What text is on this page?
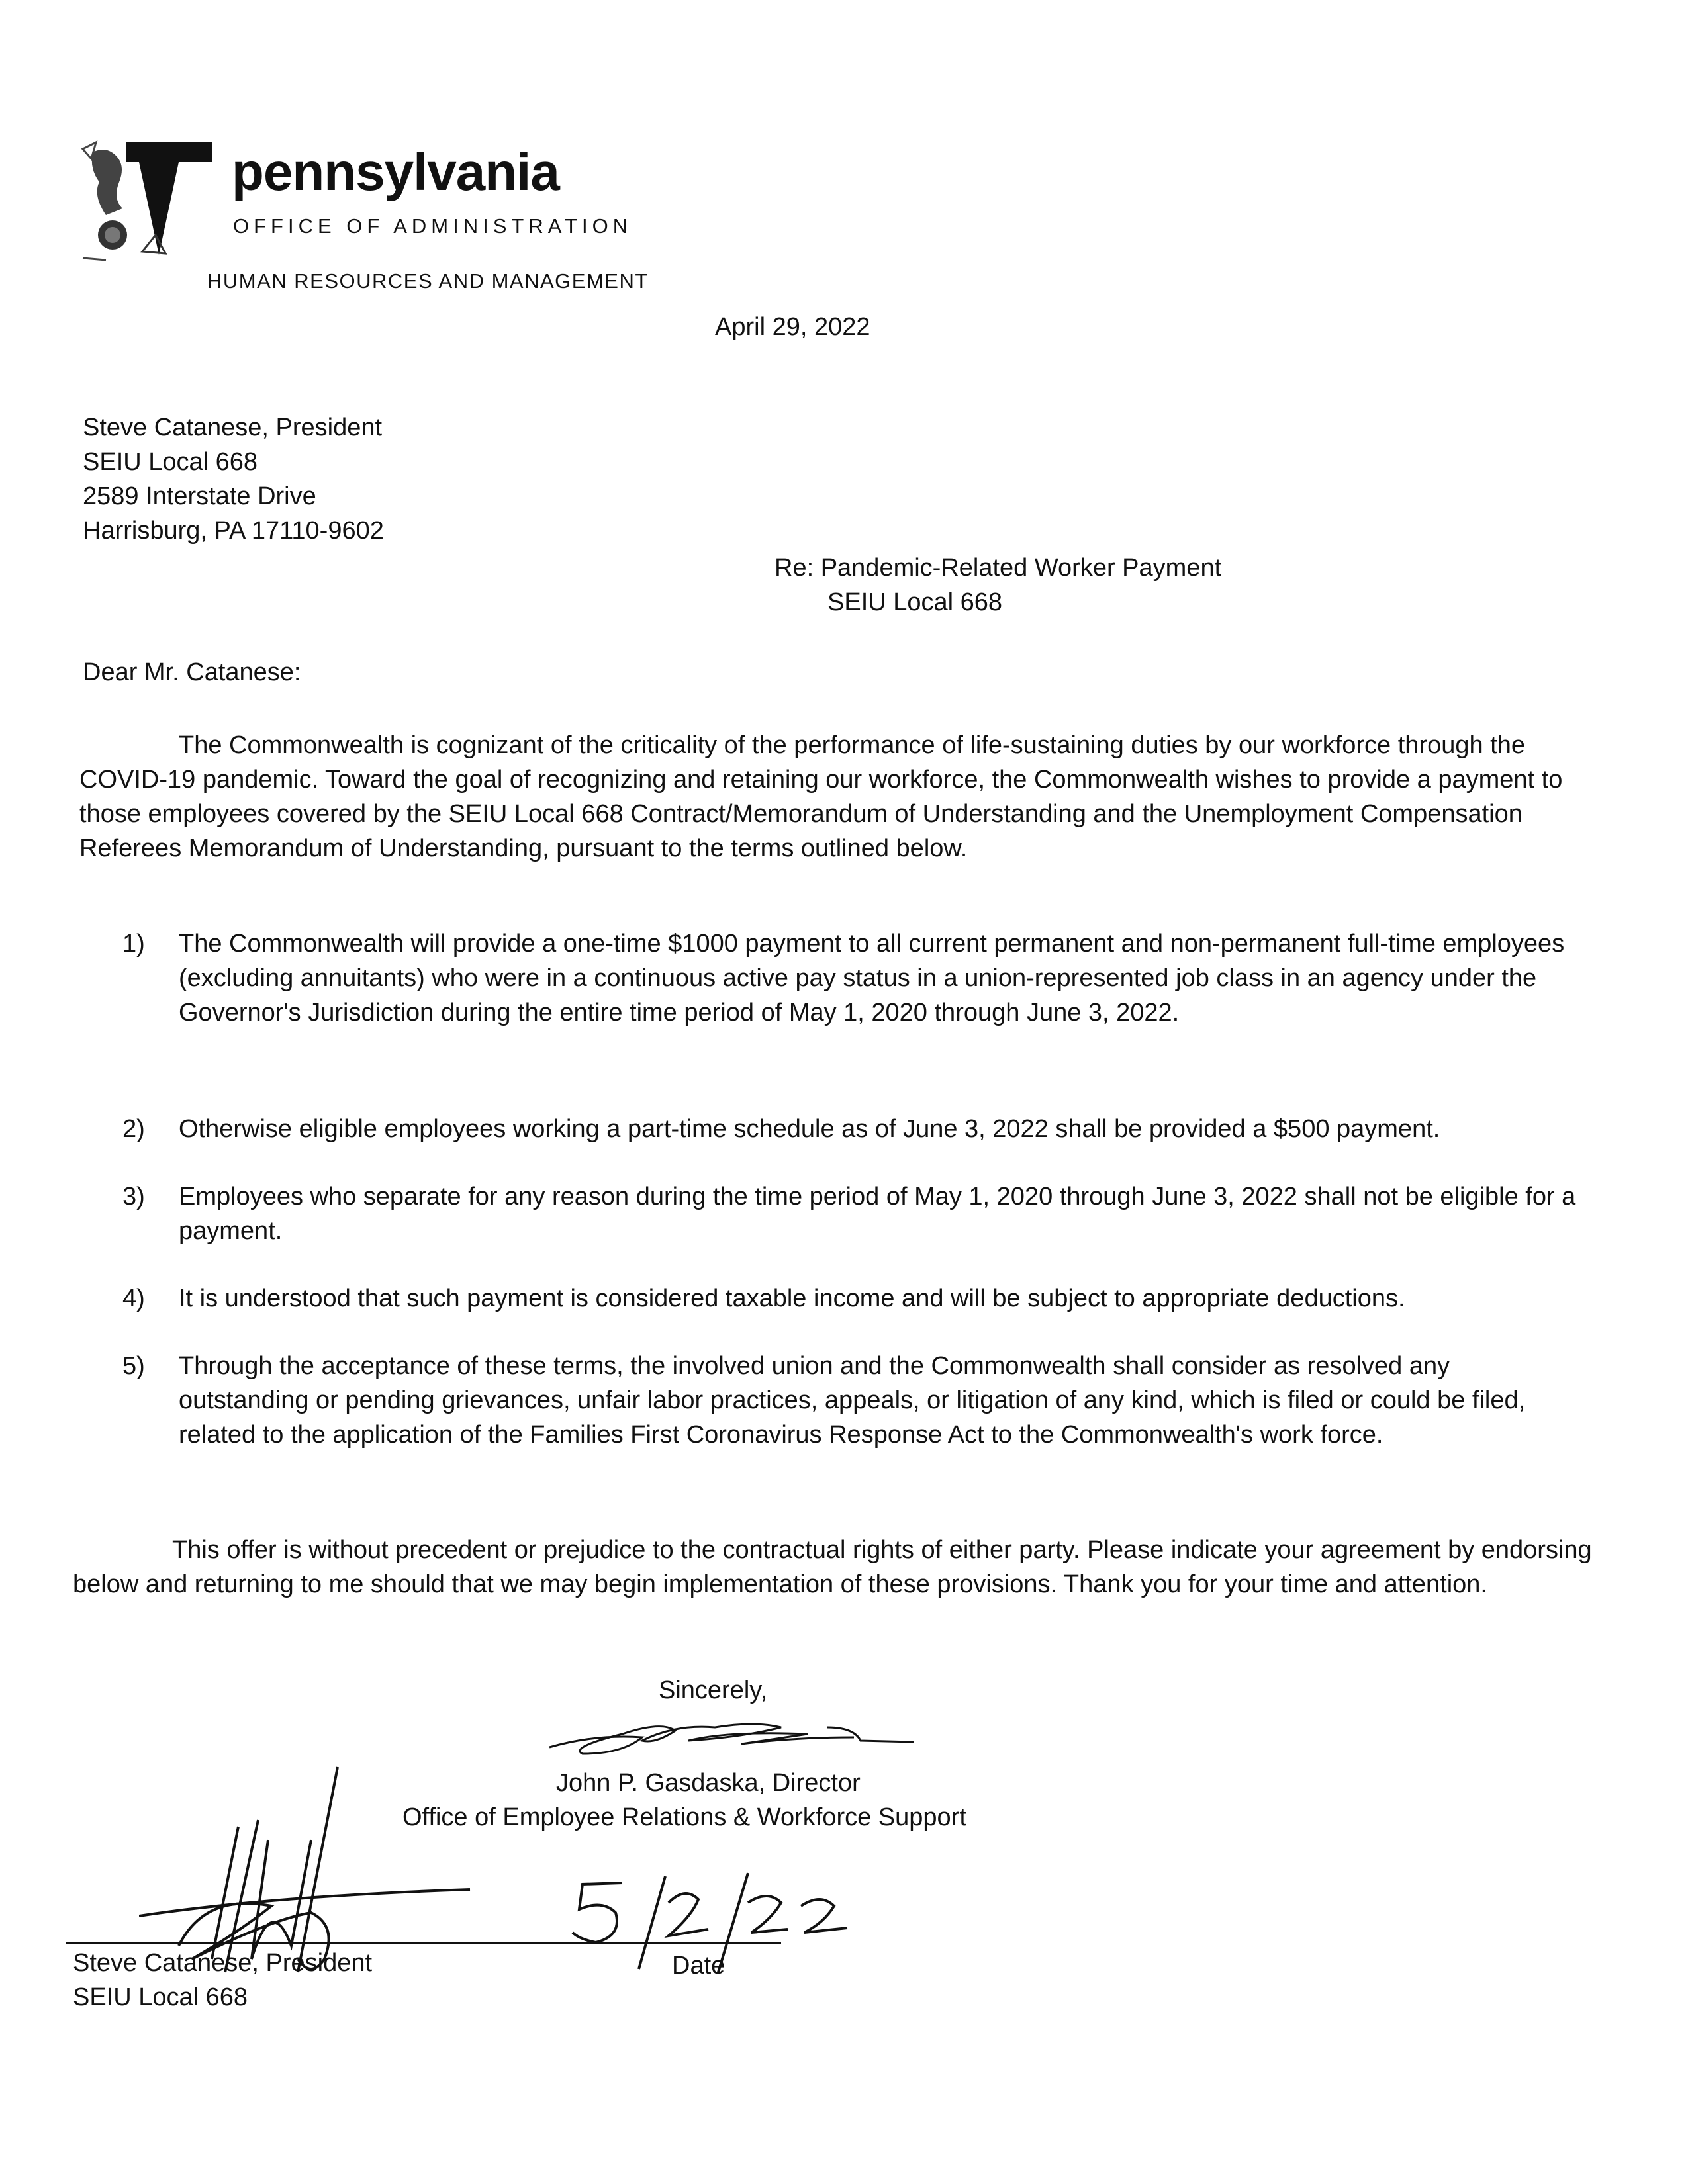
pennsylvania
OFFICE OF ADMINISTRATION
HUMAN RESOURCES AND MANAGEMENT
April 29, 2022
Steve Catanese, President
SEIU Local 668
2589 Interstate Drive
Harrisburg, PA 17110-9602
Re: Pandemic-Related Worker Payment
SEIU Local 668
Dear Mr. Catanese:
The Commonwealth is cognizant of the criticality of the performance of life-sustaining duties by our workforce through the COVID-19 pandemic. Toward the goal of recognizing and retaining our workforce, the Commonwealth wishes to provide a payment to those employees covered by the SEIU Local 668 Contract/Memorandum of Understanding and the Unemployment Compensation Referees Memorandum of Understanding, pursuant to the terms outlined below.
1)	The Commonwealth will provide a one-time $1000 payment to all current permanent and non-permanent full-time employees (excluding annuitants) who were in a continuous active pay status in a union-represented job class in an agency under the Governor's Jurisdiction during the entire time period of May 1, 2020 through June 3, 2022.
2)	Otherwise eligible employees working a part-time schedule as of June 3, 2022 shall be provided a $500 payment.
3)	Employees who separate for any reason during the time period of May 1, 2020 through June 3, 2022 shall not be eligible for a payment.
4)	It is understood that such payment is considered taxable income and will be subject to appropriate deductions.
5)	Through the acceptance of these terms, the involved union and the Commonwealth shall consider as resolved any outstanding or pending grievances, unfair labor practices, appeals, or litigation of any kind, which is filed or could be filed, related to the application of the Families First Coronavirus Response Act to the Commonwealth's work force.
This offer is without precedent or prejudice to the contractual rights of either party. Please indicate your agreement by endorsing below and returning to me should that we may begin implementation of these provisions. Thank you for your time and attention.
Sincerely,
John P. Gasdaska, Director
Office of Employee Relations & Workforce Support
Steve Catanese, President
SEIU Local 668
Date
